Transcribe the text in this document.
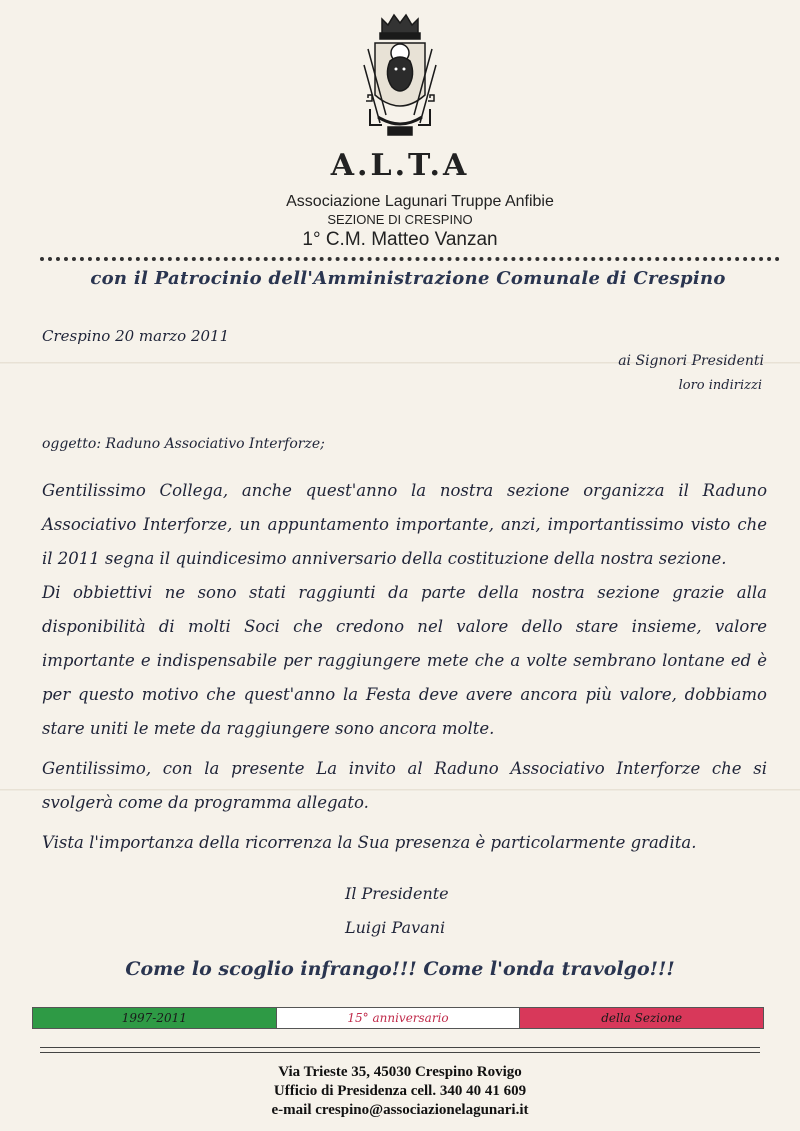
A.L.T.A
Associazione Lagunari Truppe Anfibie
SEZIONE DI CRESPINO
1° C.M. Matteo Vanzan
con il Patrocinio dell'Amministrazione Comunale di Crespino
Crespino 20 marzo 2011
ai Signori Presidenti
loro indirizzi
oggetto: Raduno Associativo Interforze;

Gentilissimo Collega, anche quest'anno la nostra sezione organizza il Raduno Associativo Interforze, un appuntamento importante, anzi, importantissimo visto che il 2011 segna il quindicesimo anniversario della costituzione della nostra sezione.

Di obbiettivi ne sono stati raggiunti da parte della nostra sezione grazie alla disponibilità di molti Soci che credono nel valore dello stare insieme, valore importante e indispensabile per raggiungere mete che a volte sembrano lontane ed è per questo motivo che quest'anno la Festa deve avere ancora più valore, dobbiamo stare uniti le mete da raggiungere sono ancora molte.

Gentilissimo, con la presente La invito al Raduno Associativo Interforze che si svolgerà come da programma allegato.

Vista l'importanza della ricorrenza la Sua presenza è particolarmente gradita.

Il Presidente
Luigi Pavani
Come lo scoglio infrango!!! Come l'onda travolgo!!!
1997-2011	15° anniversario	della Sezione
Via Trieste 35, 45030 Crespino Rovigo
Ufficio di Presidenza cell. 340 40 41 609
e-mail crespino@associazionelagunari.it
